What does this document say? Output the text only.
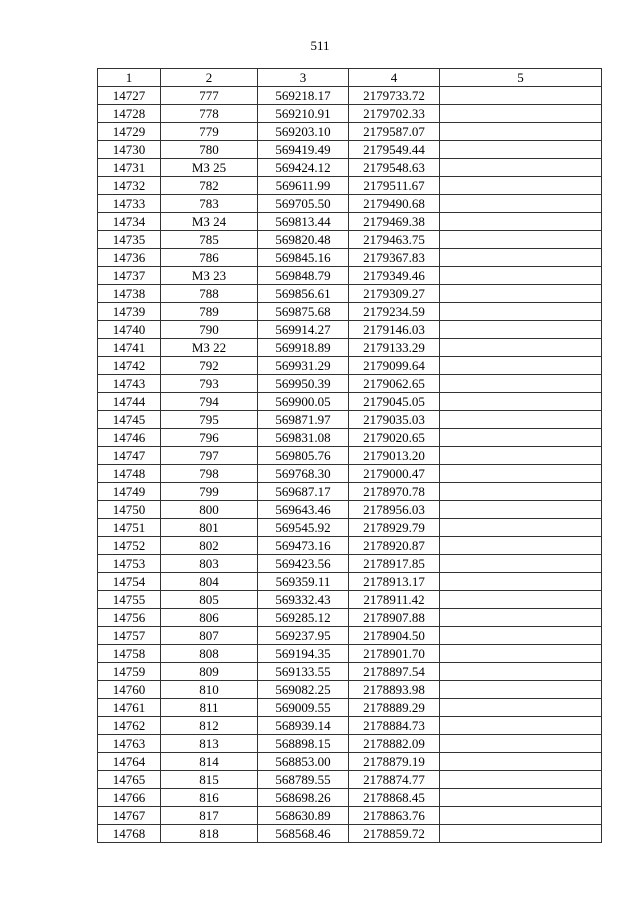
511
1	2	3	4	5
14727	777	569218.17	2179733.72	
14728	778	569210.91	2179702.33	
14729	779	569203.10	2179587.07	
14730	780	569419.49	2179549.44	
14731	МЗ 25	569424.12	2179548.63	
14732	782	569611.99	2179511.67	
14733	783	569705.50	2179490.68	
14734	МЗ 24	569813.44	2179469.38	
14735	785	569820.48	2179463.75	
14736	786	569845.16	2179367.83	
14737	МЗ 23	569848.79	2179349.46	
14738	788	569856.61	2179309.27	
14739	789	569875.68	2179234.59	
14740	790	569914.27	2179146.03	
14741	МЗ 22	569918.89	2179133.29	
14742	792	569931.29	2179099.64	
14743	793	569950.39	2179062.65	
14744	794	569900.05	2179045.05	
14745	795	569871.97	2179035.03	
14746	796	569831.08	2179020.65	
14747	797	569805.76	2179013.20	
14748	798	569768.30	2179000.47	
14749	799	569687.17	2178970.78	
14750	800	569643.46	2178956.03	
14751	801	569545.92	2178929.79	
14752	802	569473.16	2178920.87	
14753	803	569423.56	2178917.85	
14754	804	569359.11	2178913.17	
14755	805	569332.43	2178911.42	
14756	806	569285.12	2178907.88	
14757	807	569237.95	2178904.50	
14758	808	569194.35	2178901.70	
14759	809	569133.55	2178897.54	
14760	810	569082.25	2178893.98	
14761	811	569009.55	2178889.29	
14762	812	568939.14	2178884.73	
14763	813	568898.15	2178882.09	
14764	814	568853.00	2178879.19	
14765	815	568789.55	2178874.77	
14766	816	568698.26	2178868.45	
14767	817	568630.89	2178863.76	
14768	818	568568.46	2178859.72	
